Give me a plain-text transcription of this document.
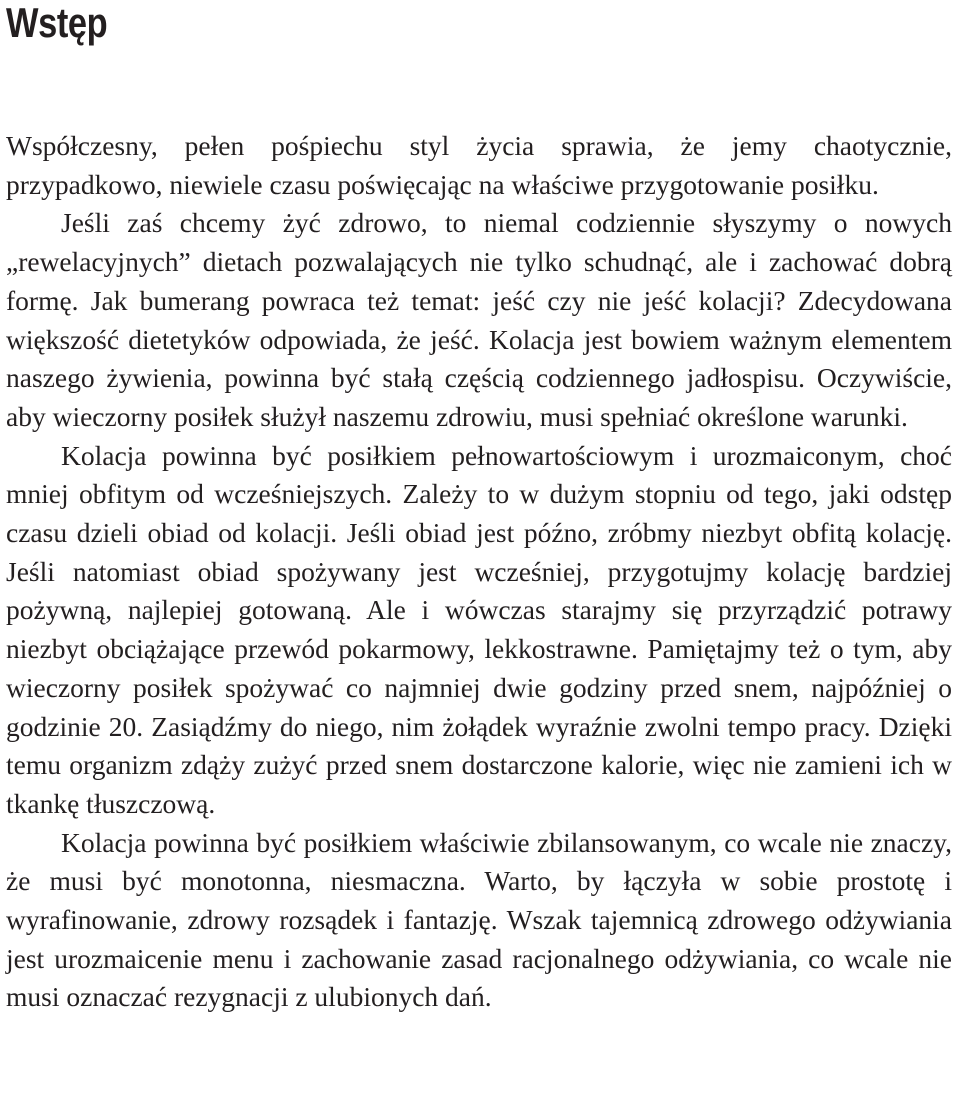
Wstęp

Współczesny, pełen pośpiechu styl życia sprawia, że jemy chaotycznie, przypadkowo, niewiele czasu poświęcając na właściwe przygotowanie posiłku.

Jeśli zaś chcemy żyć zdrowo, to niemal codziennie słyszymy o nowych „rewelacyjnych” dietach pozwalających nie tylko schudnąć, ale i zachować dobrą formę. Jak bumerang powraca też temat: jeść czy nie jeść kolacji? Zdecydowana większość dietetyków odpowiada, że jeść. Kolacja jest bowiem ważnym elementem naszego żywienia, powinna być stałą częścią codziennego jadłospisu. Oczywiście, aby wieczorny posiłek służył naszemu zdrowiu, musi spełniać określone warunki.

Kolacja powinna być posiłkiem pełnowartościowym i urozmaiconym, choć mniej obfitym od wcześniejszych. Zależy to w dużym stopniu od tego, jaki odstęp czasu dzieli obiad od kolacji. Jeśli obiad jest późno, zróbmy niezbyt obfitą kolację. Jeśli natomiast obiad spożywany jest wcześniej, przygotujmy kolację bardziej pożywną, najlepiej gotowaną. Ale i wówczas starajmy się przyrządzić potrawy niezbyt obciążające przewód pokarmowy, lekkostrawne. Pamiętajmy też o tym, aby wieczorny posiłek spożywać co najmniej dwie godziny przed snem, najpóźniej o godzinie 20. Zasiądźmy do niego, nim żołądek wyraźnie zwolni tempo pracy. Dzięki temu organizm zdąży zużyć przed snem dostarczone kalorie, więc nie zamieni ich w tkankę tłuszczową.

Kolacja powinna być posiłkiem właściwie zbilansowanym, co wcale nie znaczy, że musi być monotonna, niesmaczna. Warto, by łączyła w sobie prostotę i wyrafinowanie, zdrowy rozsądek i fantazję. Wszak tajemnicą zdrowego odżywiania jest urozmaicenie menu i zachowanie zasad racjonalnego odżywiania, co wcale nie musi oznaczać rezygnacji z ulubionych dań.
